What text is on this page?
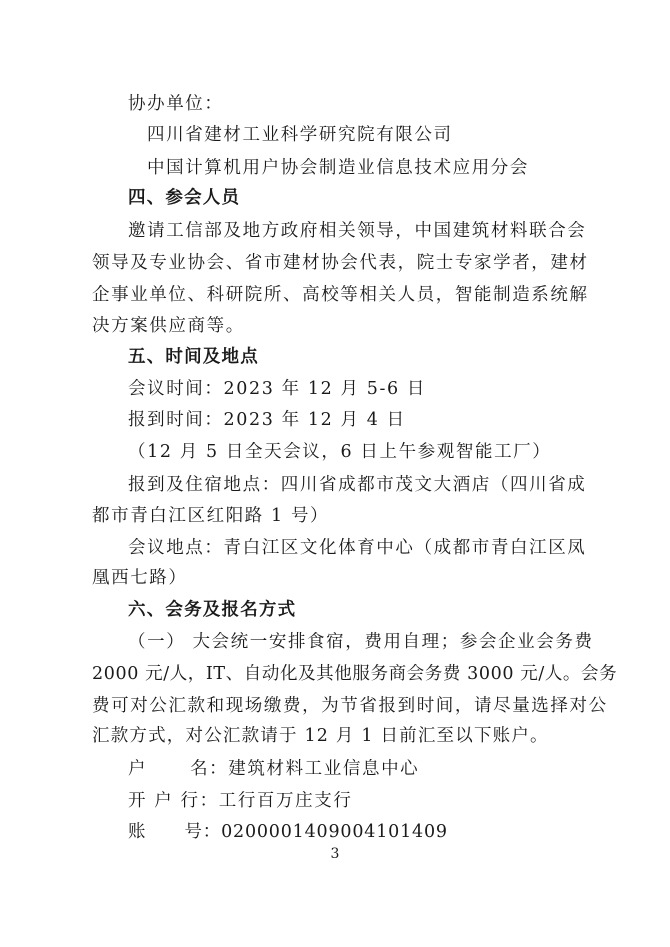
协办单位：
四川省建材工业科学研究院有限公司
中国计算机用户协会制造业信息技术应用分会
四、参会人员
邀请工信部及地方政府相关领导，中国建筑材料联合会
领导及专业协会、省市建材协会代表，院士专家学者，建材
企事业单位、科研院所、高校等相关人员，智能制造系统解
决方案供应商等。
五、时间及地点
会议时间：2023 年 12 月 5-6 日
报到时间：2023 年 12 月 4 日
（12 月 5 日全天会议，6 日上午参观智能工厂）
报到及住宿地点：四川省成都市茂文大酒店（四川省成
都市青白江区红阳路 1 号）
会议地点：青白江区文化体育中心（成都市青白江区凤
凰西七路）
六、会务及报名方式
（一） 大会统一安排食宿，费用自理；参会企业会务费
2000 元/人，IT、自动化及其他服务商会务费 3000 元/人。会务
费可对公汇款和现场缴费，为节省报到时间，请尽量选择对公
汇款方式，对公汇款请于 12 月 1 日前汇至以下账户。
户      名：建筑材料工业信息中心
开 户 行：工行百万庄支行
账      号：0200001409004101409
3
